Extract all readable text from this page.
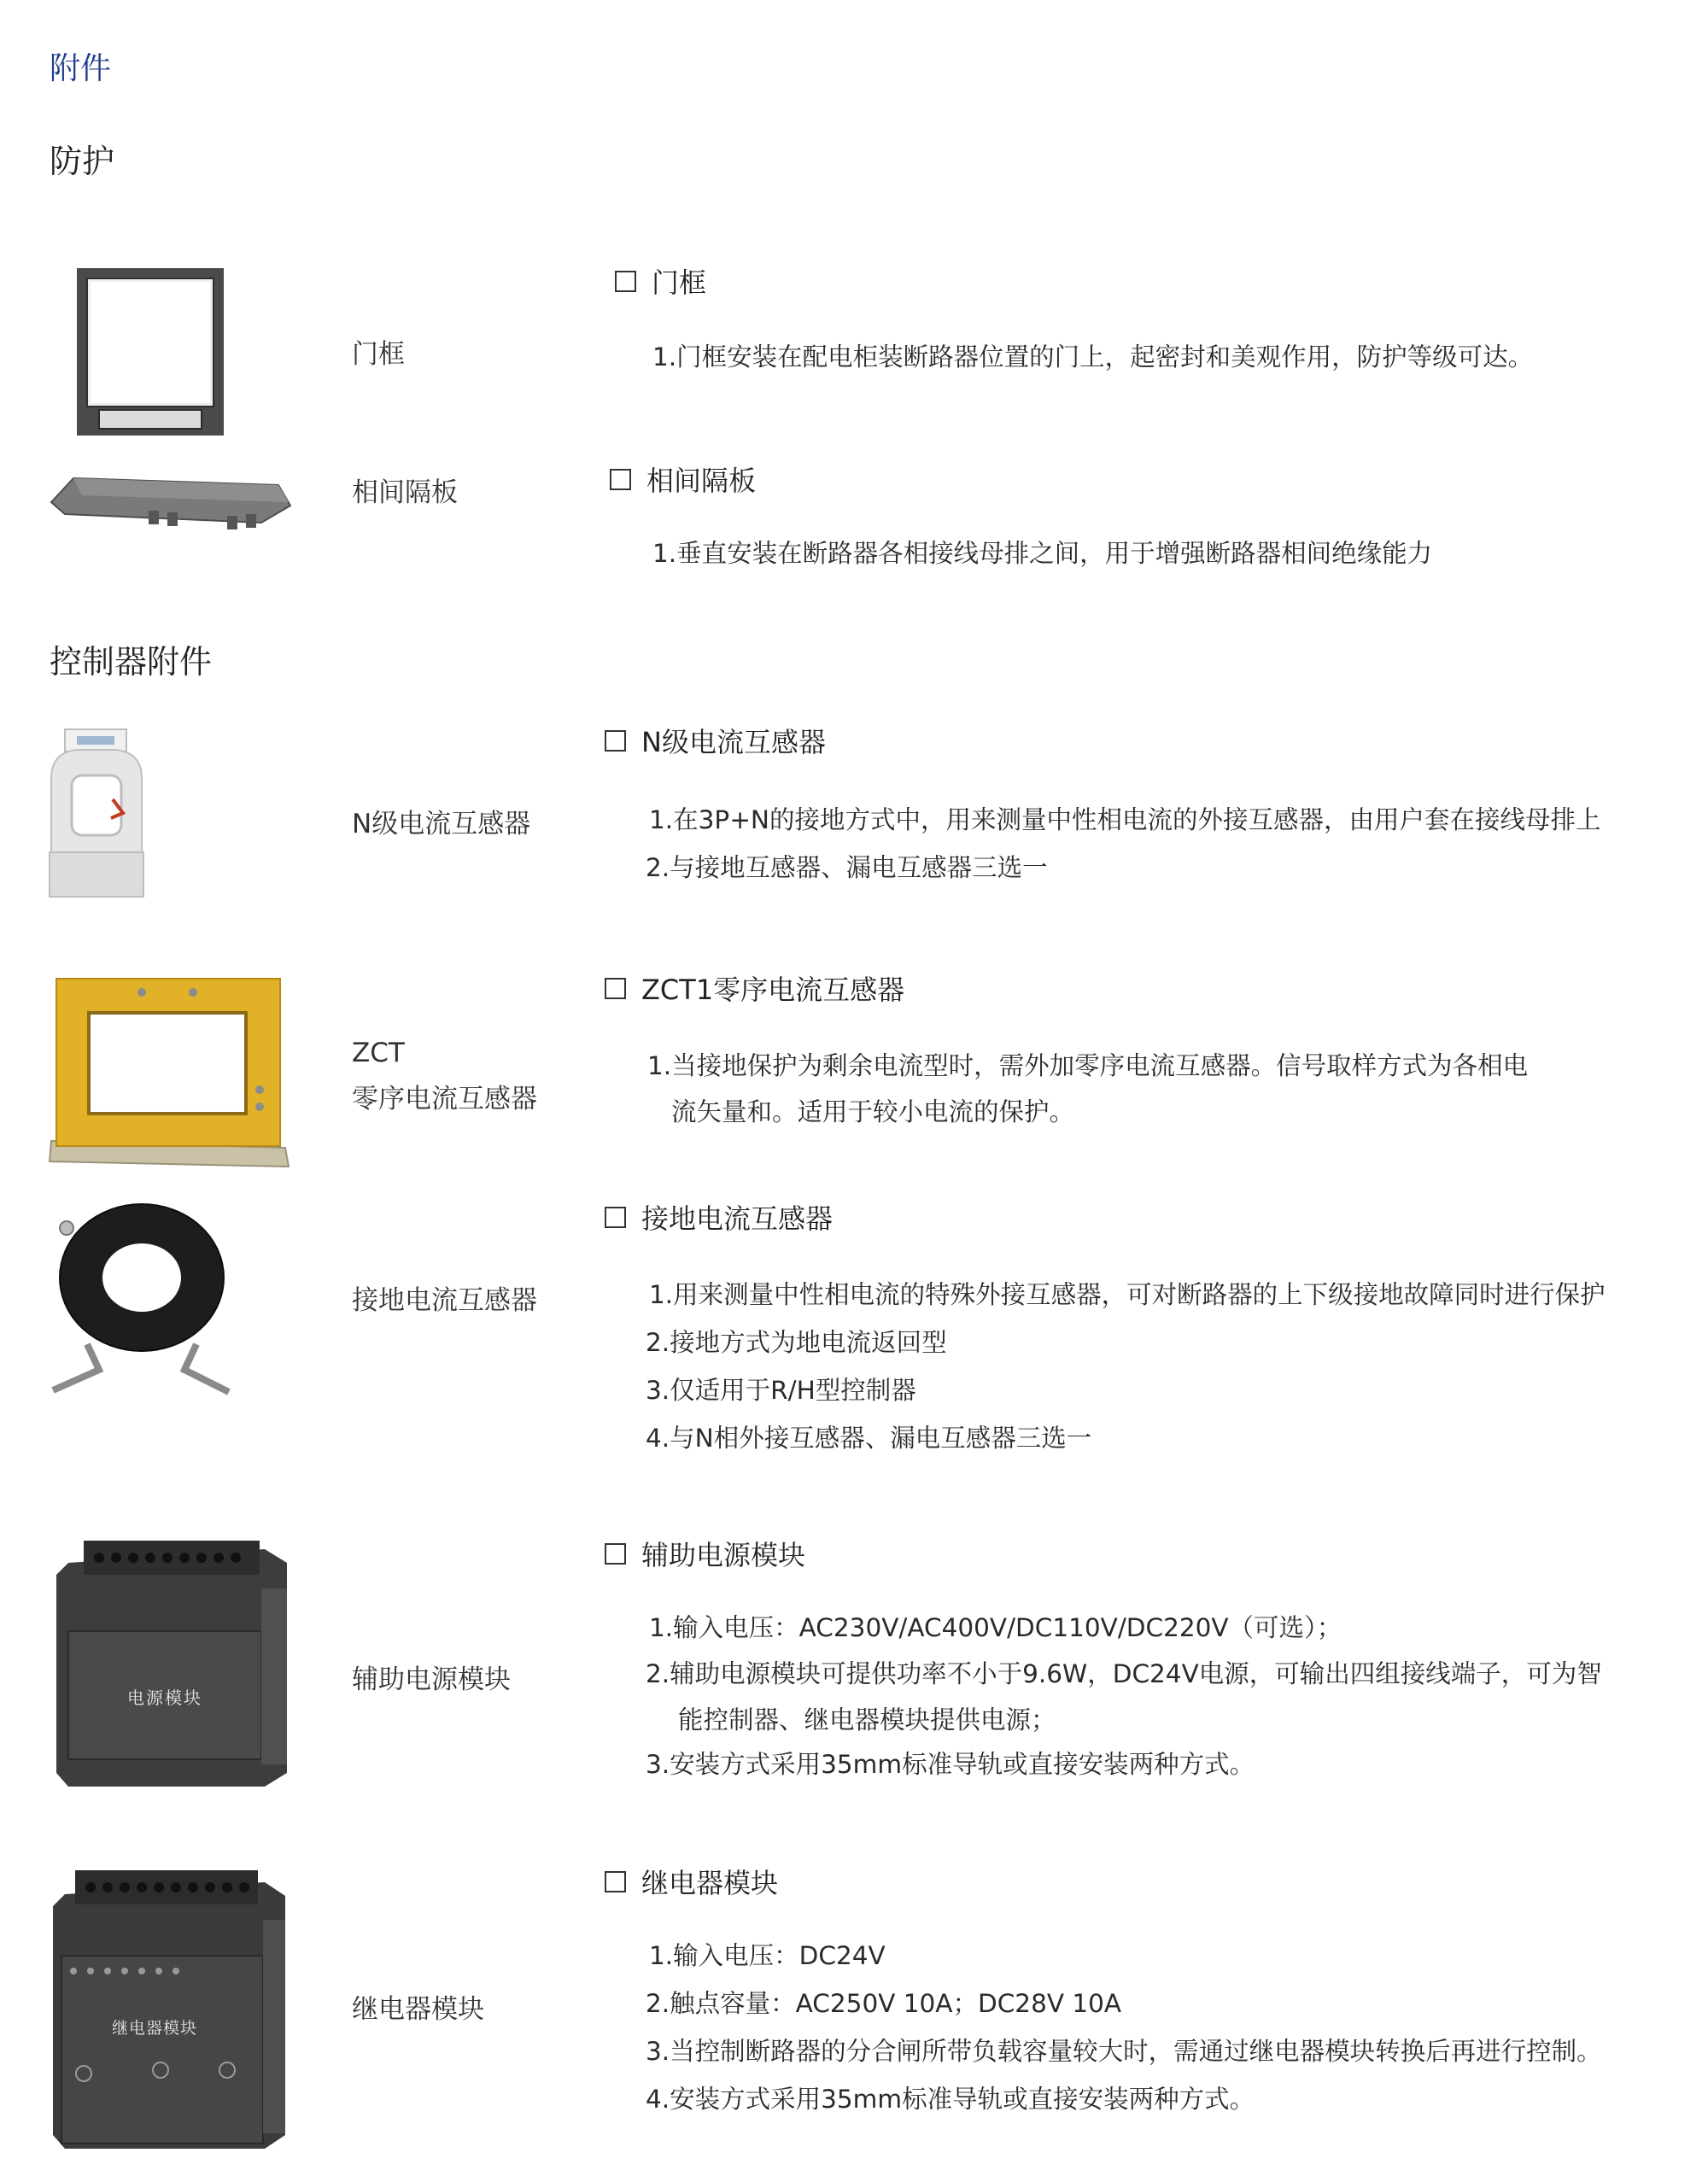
附件
防护
门框
门框
1.门框安装在配电柜装断路器位置的门上，起密封和美观作用，防护等级可达。
相间隔板	相间隔板
1.垂直安装在断路器各相接线母排之间，用于增强断路器相间绝缘能力
控制器附件
N级电流互感器
N级电流互感器
1.在3P+N的接地方式中，用来测量中性相电流的外接互感器，由用户套在接线母排上
2.与接地互感器、漏电互感器三选一
ZCT
零序电流互感器
ZCT1零序电流互感器
1.当接地保护为剩余电流型时，需外加零序电流互感器。信号取样方式为各相电
流矢量和。适用于较小电流的保护。
接地电流互感器
接地电流互感器
1.用来测量中性相电流的特殊外接互感器，可对断路器的上下级接地故障同时进行保护
2.接地方式为地电流返回型
3.仅适用于R/H型控制器
4.与N相外接互感器、漏电互感器三选一
电源模块
辅助电源模块
辅助电源模块
1.输入电压：AC230V/AC400V/DC110V/DC220V（可选）；
2.辅助电源模块可提供功率不小于9.6W，DC24V电源，可输出四组接线端子，可为智
能控制器、继电器模块提供电源；
3.安装方式采用35mm标准导轨或直接安装两种方式。
继电器模块
继电器模块
继电器模块
1.输入电压：DC24V
2.触点容量：AC250V 10A；DC28V 10A
3.当控制断路器的分合闸所带负载容量较大时，需通过继电器模块转换后再进行控制。
4.安装方式采用35mm标准导轨或直接安装两种方式。
